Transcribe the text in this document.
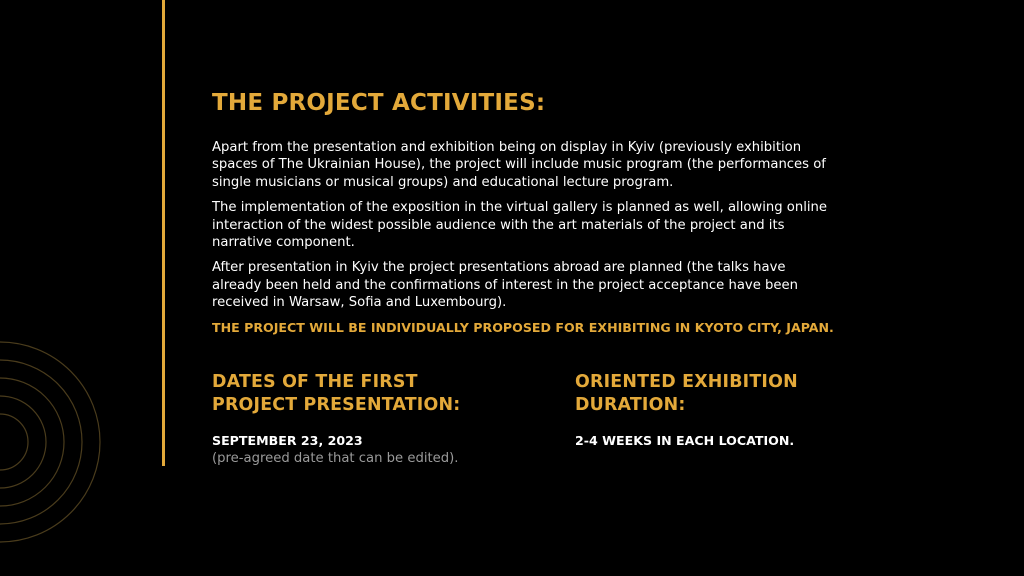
THE PROJECT ACTIVITIES:

Apart from the presentation and exhibition being on display in Kyiv (previously exhibition spaces of The Ukrainian House), the project will include music program (the performances of single musicians or musical groups) and educational lecture program.

The implementation of the exposition in the virtual gallery is planned as well, allowing online interaction of the widest possible audience with the art materials of the project and its narrative component.

After presentation in Kyiv the project presentations abroad are planned (the talks have already been held and the confirmations of interest in the project acceptance have been received in Warsaw, Sofia and Luxembourg).

THE PROJECT WILL BE INDIVIDUALLY PROPOSED FOR EXHIBITING IN KYOTO CITY, JAPAN.

DATES OF THE FIRST
PROJECT PRESENTATION:

SEPTEMBER 23, 2023

(pre-agreed date that can be edited).

ORIENTED EXHIBITION
DURATION:

2-4 WEEKS IN EACH LOCATION.
